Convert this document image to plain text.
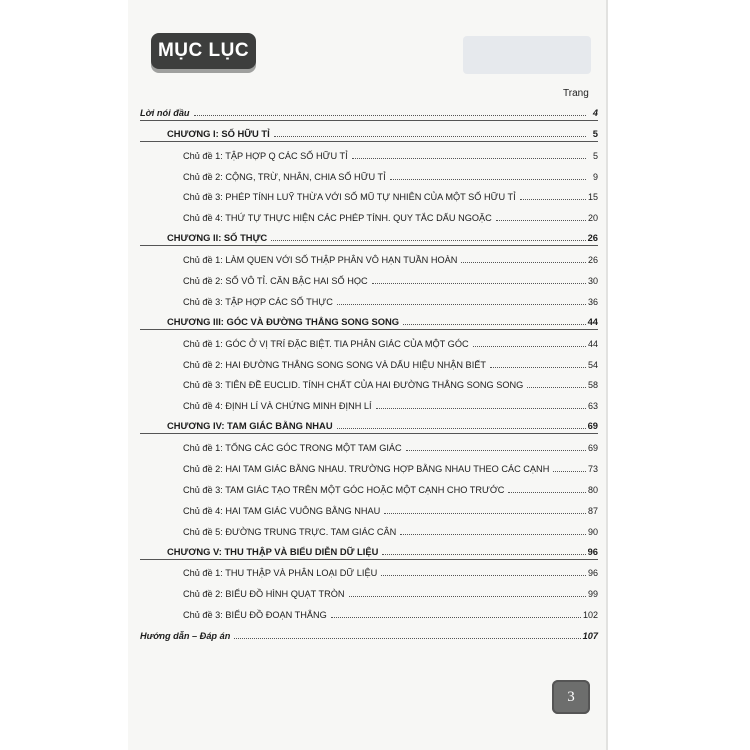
MỤC LỤC
Trang
Lời nói đầu	4
CHƯƠNG I: SỐ HỮU TỈ	5
Chủ đề 1: TẬP HỢP Q CÁC SỐ HỮU TỈ	5
Chủ đề 2: CỘNG, TRỪ, NHÂN, CHIA SỐ HỮU TỈ	9
Chủ đề 3: PHÉP TÍNH LUỸ THỪA VỚI SỐ MŨ TỰ NHIÊN CỦA MỘT SỐ HỮU TỈ	15
Chủ đề 4: THỨ TỰ THỰC HIỆN CÁC PHÉP TÍNH. QUY TẮC DẤU NGOẶC	20
CHƯƠNG II: SỐ THỰC	26
Chủ đề 1: LÀM QUEN VỚI SỐ THẬP PHÂN VÔ HẠN TUẦN HOÀN	26
Chủ đề 2: SỐ VÔ TỈ. CĂN BẬC HAI SỐ HỌC	30
Chủ đề 3: TẬP HỢP CÁC SỐ THỰC	36
CHƯƠNG III: GÓC VÀ ĐƯỜNG THẲNG SONG SONG	44
Chủ đề 1: GÓC Ở VỊ TRÍ ĐẶC BIỆT. TIA PHÂN GIÁC CỦA MỘT GÓC	44
Chủ đề 2: HAI ĐƯỜNG THẲNG SONG SONG VÀ DẤU HIỆU NHẬN BIẾT	54
Chủ đề 3: TIÊN ĐỀ EUCLID. TÍNH CHẤT CỦA HAI ĐƯỜNG THẲNG SONG SONG	58
Chủ đề 4: ĐỊNH LÍ VÀ CHỨNG MINH ĐỊNH LÍ	63
CHƯƠNG IV: TAM GIÁC BẰNG NHAU	69
Chủ đề 1: TỔNG CÁC GÓC TRONG MỘT TAM GIÁC	69
Chủ đề 2: HAI TAM GIÁC BẰNG NHAU. TRƯỜNG HỢP BẰNG NHAU THEO CÁC CẠNH	73
Chủ đề 3: TAM GIÁC TẠO TRÊN MỘT GÓC HOẶC MỘT CẠNH CHO TRƯỚC	80
Chủ đề 4: HAI TAM GIÁC VUÔNG BẰNG NHAU	87
Chủ đề 5: ĐƯỜNG TRUNG TRỰC. TAM GIÁC CÂN	90
CHƯƠNG V: THU THẬP VÀ BIỂU DIỄN DỮ LIỆU	96
Chủ đề 1: THU THẬP VÀ PHÂN LOẠI DỮ LIỆU	96
Chủ đề 2: BIỂU ĐỒ HÌNH QUẠT TRÒN	99
Chủ đề 3: BIỂU ĐỒ ĐOẠN THẲNG	102
Hướng dẫn – Đáp án	107
3
